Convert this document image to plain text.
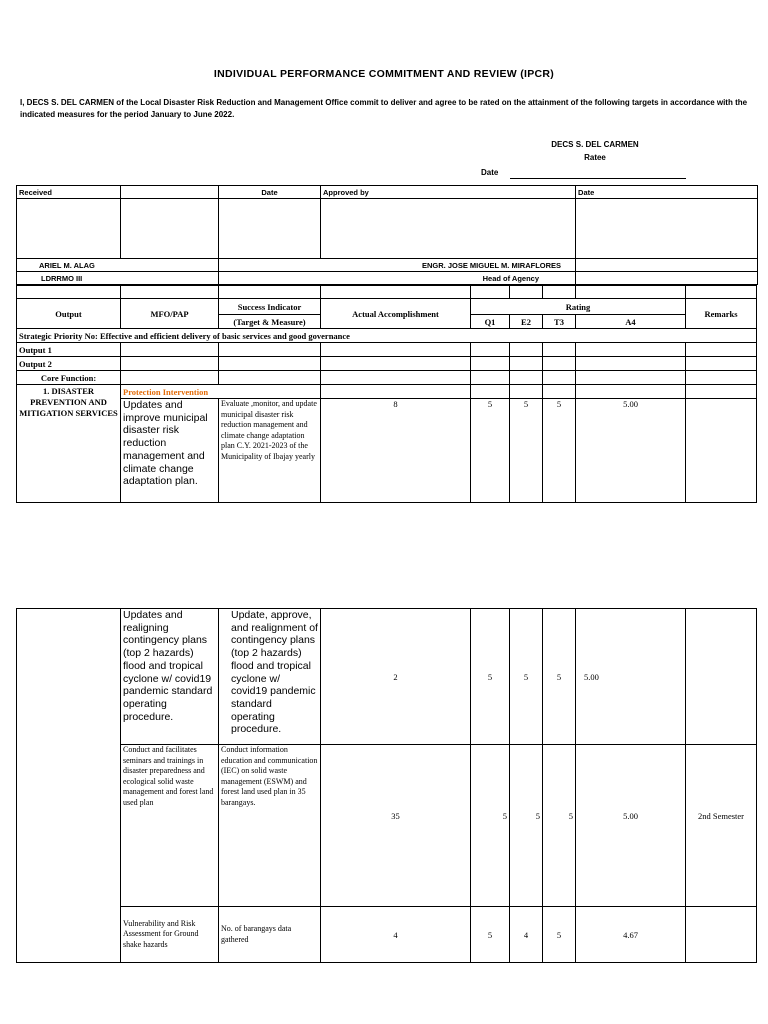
INDIVIDUAL PERFORMANCE COMMITMENT AND REVIEW (IPCR)
I, DECS S. DEL CARMEN of the Local Disaster Risk Reduction and Management Office commit to deliver and agree to be rated on the attainment of the following targets in accordance with the indicated measures for the period January to June 2022.
DECS S. DEL CARMEN
Ratee
Date
Received		Date	Approved by	Date

ARIEL M. ALAG		ENGR. JOSE MIGUEL M. MIRAFLORES		
LDRRMO III		Head of Agency		

Output	MFO/PAP	Success Indicator	Actual Accomplishment	Rating				Remarks
		(Target & Measure)		Q1	E2	T3	A4	
Strategic Priority No: Effective and efficient delivery of basic services and good governance								
Output 1								
Output 2								
Core Function:								
1. DISASTER PREVENTION AND MITIGATION SERVICES	Protection Intervention							
	Updates and improve municipal disaster risk reduction management and climate change adaptation plan.	Evaluate ,monitor, and update municipal disaster risk reduction management and climate change adaptation plan C.Y. 2021-2023 of the Municipality of Ibajay yearly	8	5	5	5	5.00	
	Updates and realigning contingency plans (top 2 hazards) flood and tropical cyclone w/ covid19 pandemic standard operating procedure.	Update, approve, and realignment of contingency plans (top 2 hazards) flood and tropical cyclone w/ covid19 pandemic standard operating procedure.	2	5	5	5	5.00	
	Conduct and facilitates seminars and trainings in disaster preparedness and ecological solid waste management and forest land used plan	Conduct information education and communication (IEC) on solid waste management (ESWM) and forest land used plan in 35 barangays.	35	5	5	5	5.00	2nd Semester
	Vulnerability and Risk Assessment for Ground shake hazards	No. of barangays data gathered	4	5	4	5	4.67	
